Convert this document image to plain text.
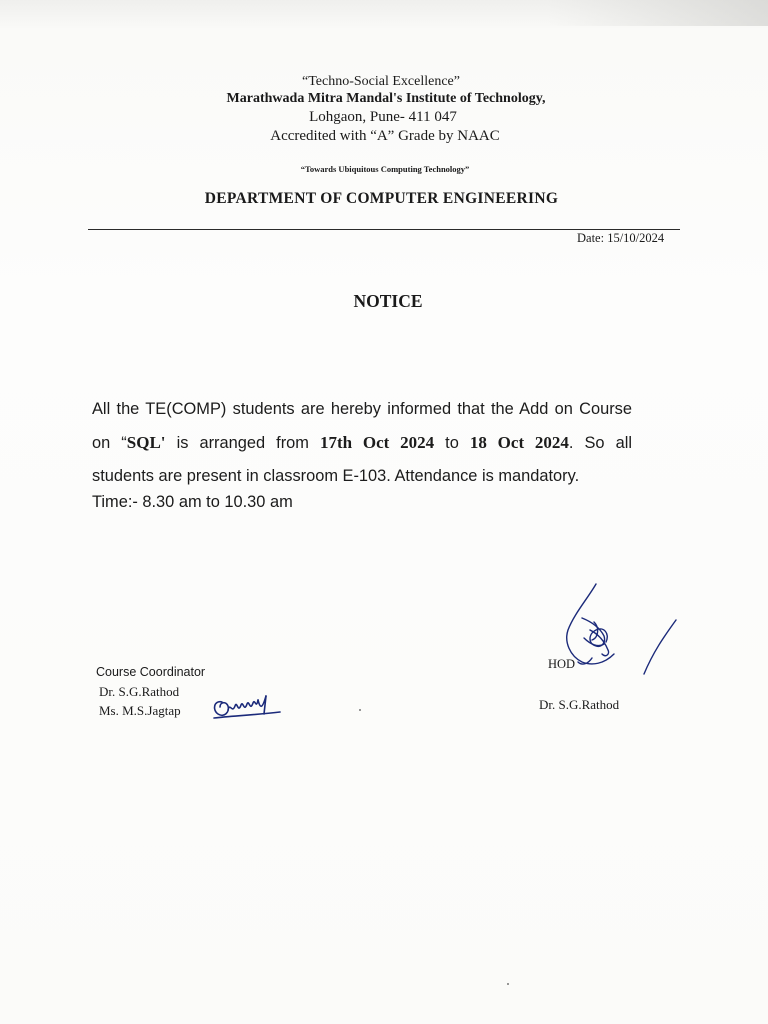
“Techno-Social Excellence”
Marathwada Mitra Mandal's Institute of Technology,
Lohgaon, Pune- 411 047
Accredited with “A” Grade by NAAC
“Towards Ubiquitous Computing Technology”
DEPARTMENT OF COMPUTER ENGINEERING
Date: 15/10/2024
NOTICE
All the TE(COMP) students are hereby informed that the Add on Course
on “SQL' is arranged from 17th Oct 2024 to 18 Oct 2024. So all
students are present in classroom E-103. Attendance is mandatory.
Time:- 8.30 am to 10.30 am
Course Coordinator
Dr. S.G.Rathod
Ms. M.S.Jagtap
HOD
Dr. S.G.Rathod
